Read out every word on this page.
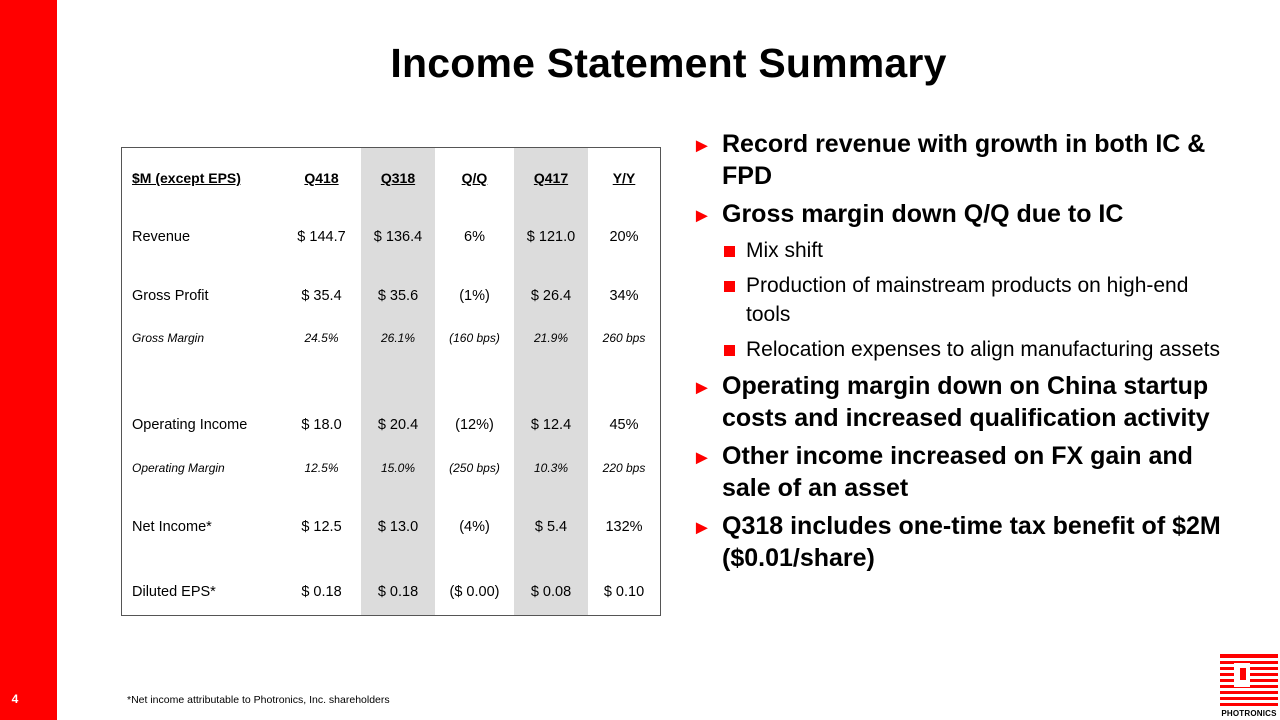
4
Income Statement Summary
$M (except EPS)	Q418	Q318	Q/Q	Q417	Y/Y
Revenue	$ 144.7	$ 136.4	6%	$ 121.0	20%
Gross Profit	$ 35.4	$ 35.6	(1%)	$ 26.4	34%
Gross Margin	24.5%	26.1%	(160 bps)	21.9%	260 bps

Operating Income	$ 18.0	$ 20.4	(12%)	$ 12.4	45%
Operating Margin	12.5%	15.0%	(250 bps)	10.3%	220 bps
Net Income*	$ 12.5	$ 13.0	(4%)	$ 5.4	132%
Diluted EPS*	$ 0.18	$ 0.18	($ 0.00)	$ 0.08	$ 0.10
► Record revenue with growth in both IC & FPD
► Gross margin down Q/Q due to IC
Mix shift
Production of mainstream products on high-end tools
Relocation expenses to align manufacturing assets
► Operating margin down on China startup costs and increased qualification activity
► Other income increased on FX gain and sale of an asset
► Q318 includes one-time tax benefit of $2M ($0.01/share)
*Net income attributable to Photronics, Inc. shareholders
PHOTRONICS
